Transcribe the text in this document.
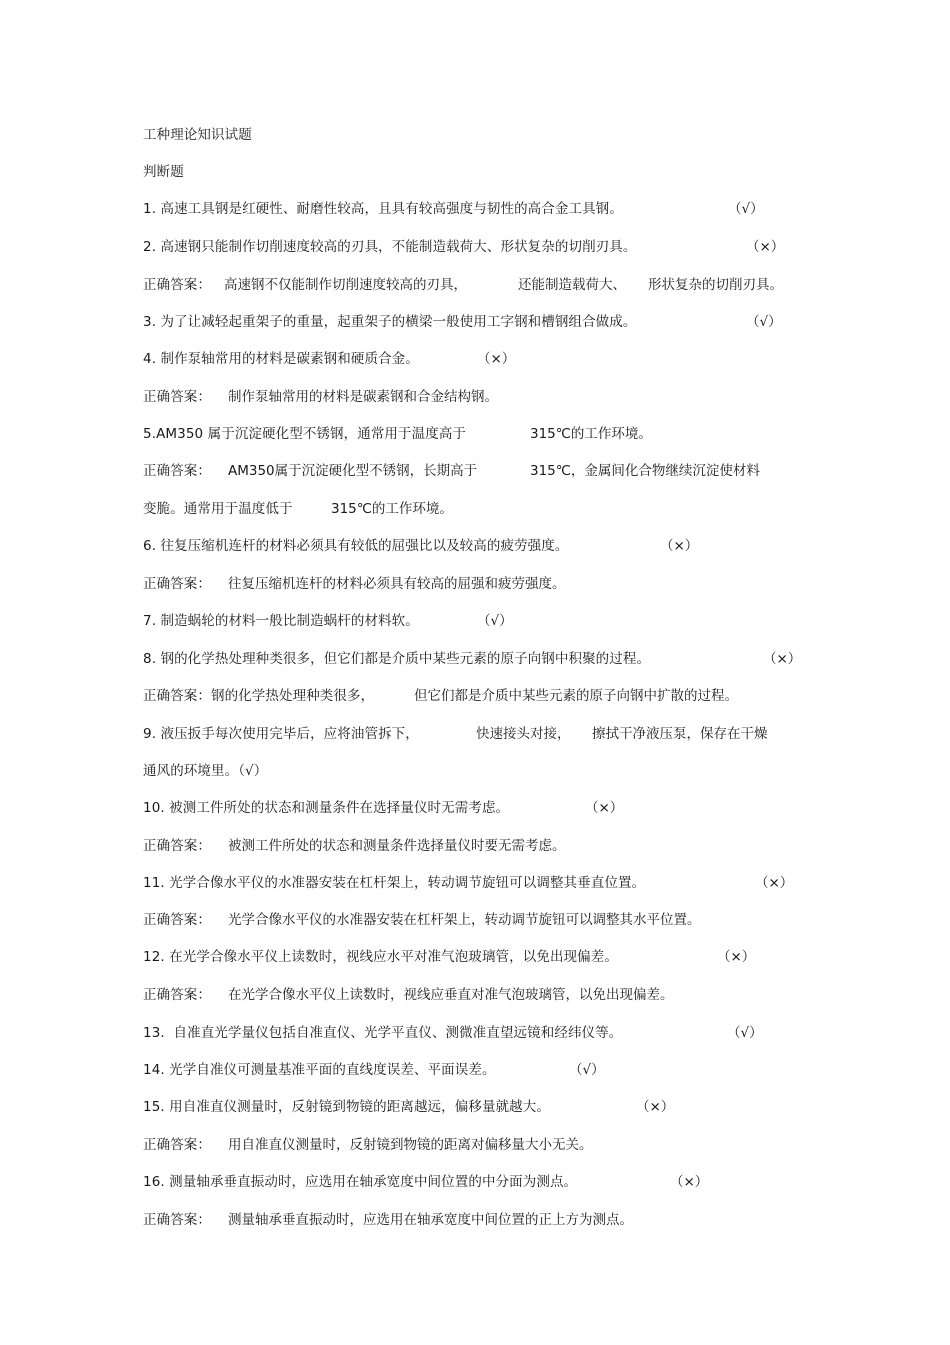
工种理论知识试题
判断题
1. 高速工具钢是红硬性、耐磨性较高，且具有较高强度与韧性的高合金工具钢。	（√）
2. 高速钢只能制作切削速度较高的刃具，不能制造载荷大、形状复杂的切削刃具。	（×）
正确答案： 高速钢不仅能制作切削速度较高的刃具，	还能制造载荷大、 形状复杂的切削刃具。
3. 为了让减轻起重架子的重量，起重架子的横梁一般使用工字钢和槽钢组合做成。	（√）
4. 制作泵轴常用的材料是碳素钢和硬质合金。	（×）
正确答案： 制作泵轴常用的材料是碳素钢和合金结构钢。
5.AM350 属于沉淀硬化型不锈钢，通常用于温度高于	315℃的工作环境。
正确答案： AM350属于沉淀硬化型不锈钢，长期高于	315℃，金属间化合物继续沉淀使材料
变脆。通常用于温度低于	315℃的工作环境。
6. 往复压缩机连杆的材料必须具有较低的屈强比以及较高的疲劳强度。	（×）
正确答案： 往复压缩机连杆的材料必须具有较高的屈强和疲劳强度。
7. 制造蜗轮的材料一般比制造蜗杆的材料软。	（√）
8. 钢的化学热处理种类很多，但它们都是介质中某些元素的原子向钢中积聚的过程。	（×）
正确答案：钢的化学热处理种类很多，	但它们都是介质中某些元素的原子向钢中扩散的过程。
9. 液压扳手每次使用完毕后，应将油管拆下，	快速接头对接， 擦拭干净液压泵，保存在干燥
通风的环境里。（√）
10. 被测工件所处的状态和测量条件在选择量仪时无需考虑。	（×）
正确答案： 被测工件所处的状态和测量条件选择量仪时要无需考虑。
11. 光学合像水平仪的水准器安装在杠杆架上，转动调节旋钮可以调整其垂直位置。	（×）
正确答案： 光学合像水平仪的水准器安装在杠杆架上，转动调节旋钮可以调整其水平位置。
12. 在光学合像水平仪上读数时，视线应水平对准气泡玻璃管，以免出现偏差。	（×）
正确答案： 在光学合像水平仪上读数时，视线应垂直对准气泡玻璃管，以免出现偏差。
13.  自准直光学量仪包括自准直仪、光学平直仪、测微准直望远镜和经纬仪等。	（√）
14. 光学自准仪可测量基准平面的直线度误差、平面误差。	（√）
15. 用自准直仪测量时，反射镜到物镜的距离越远，偏移量就越大。	（×）
正确答案： 用自准直仪测量时，反射镜到物镜的距离对偏移量大小无关。
16. 测量轴承垂直振动时，应选用在轴承宽度中间位置的中分面为测点。	（×）
正确答案： 测量轴承垂直振动时，应选用在轴承宽度中间位置的正上方为测点。
